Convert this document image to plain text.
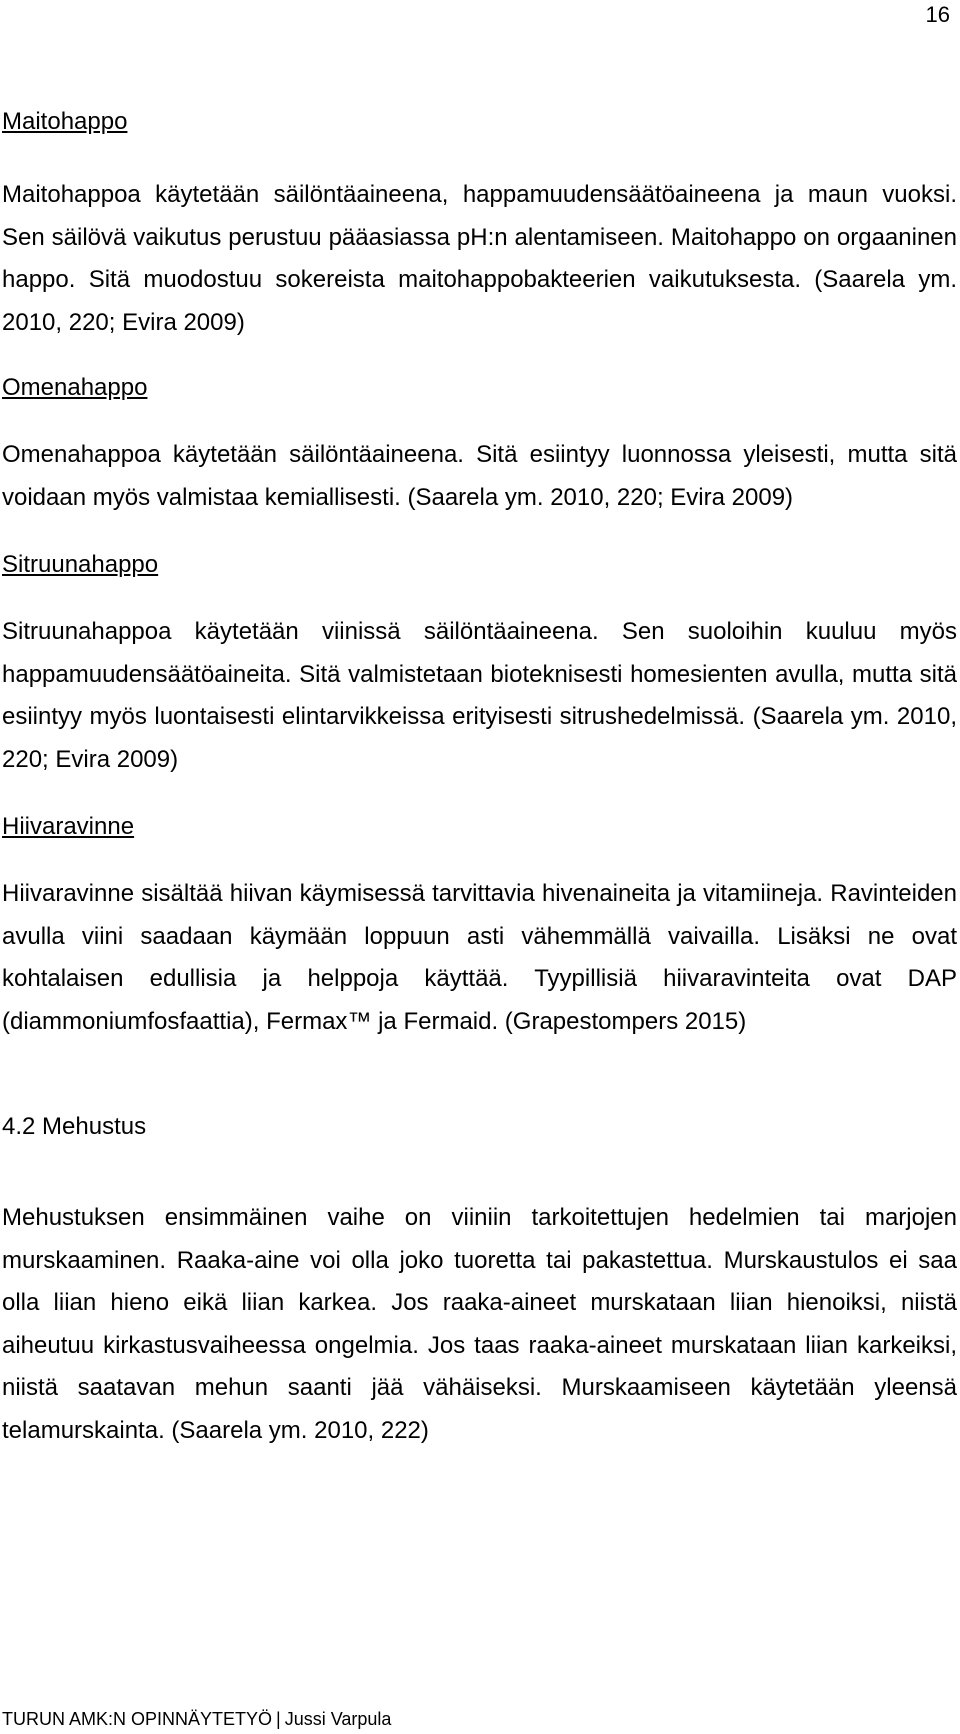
16
Maitohappo

Maitohappoa käytetään säilöntäaineena, happamuudensäätöaineena ja maun vuoksi. Sen säilövä vaikutus perustuu pääasiassa pH:n alentamiseen. Maitohappo on orgaaninen happo. Sitä muodostuu sokereista maitohappobakteerien vaikutuksesta. (Saarela ym. 2010, 220; Evira 2009)

Omenahappo

Omenahappoa käytetään säilöntäaineena. Sitä esiintyy luonnossa yleisesti, mutta sitä voidaan myös valmistaa kemiallisesti. (Saarela ym. 2010, 220; Evira 2009)

Sitruunahappo

Sitruunahappoa käytetään viinissä säilöntäaineena. Sen suoloihin kuuluu myös happamuudensäätöaineita. Sitä valmistetaan bioteknisesti homesienten avulla, mutta sitä esiintyy myös luontaisesti elintarvikkeissa erityisesti sitrushedelmissä. (Saarela ym. 2010, 220; Evira 2009)

Hiivaravinne

Hiivaravinne sisältää hiivan käymisessä tarvittavia hivenaineita ja vitamiineja. Ravinteiden avulla viini saadaan käymään loppuun asti vähemmällä vaivailla. Lisäksi ne ovat kohtalaisen edullisia ja helppoja käyttää. Tyypillisiä hiivaravinteita ovat DAP (diammoniumfosfaattia), Fermax™ ja Fermaid. (Grapestompers 2015)

4.2 Mehustus

Mehustuksen ensimmäinen vaihe on viiniin tarkoitettujen hedelmien tai marjojen murskaaminen. Raaka-aine voi olla joko tuoretta tai pakastettua. Murskaustulos ei saa olla liian hieno eikä liian karkea. Jos raaka-aineet murskataan liian hienoiksi, niistä aiheutuu kirkastusvaiheessa ongelmia. Jos taas raaka-aineet murskataan liian karkeiksi, niistä saatavan mehun saanti jää vähäiseksi. Murskaamiseen käytetään yleensä telamurskainta. (Saarela ym. 2010, 222)

TURUN AMK:N OPINNÄYTETYÖ | Jussi Varpula
